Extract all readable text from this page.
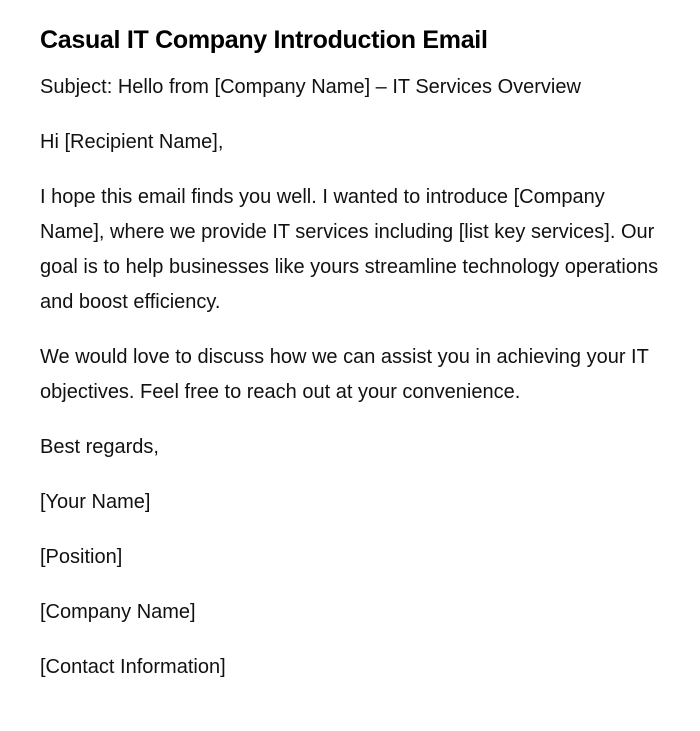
Casual IT Company Introduction Email

Subject: Hello from [Company Name] – IT Services Overview

Hi [Recipient Name],

I hope this email finds you well. I wanted to introduce [Company Name], where we provide IT services including [list key services]. Our goal is to help businesses like yours streamline technology operations and boost efficiency.

We would love to discuss how we can assist you in achieving your IT objectives. Feel free to reach out at your convenience.

Best regards,

[Your Name]

[Position]

[Company Name]

[Contact Information]
